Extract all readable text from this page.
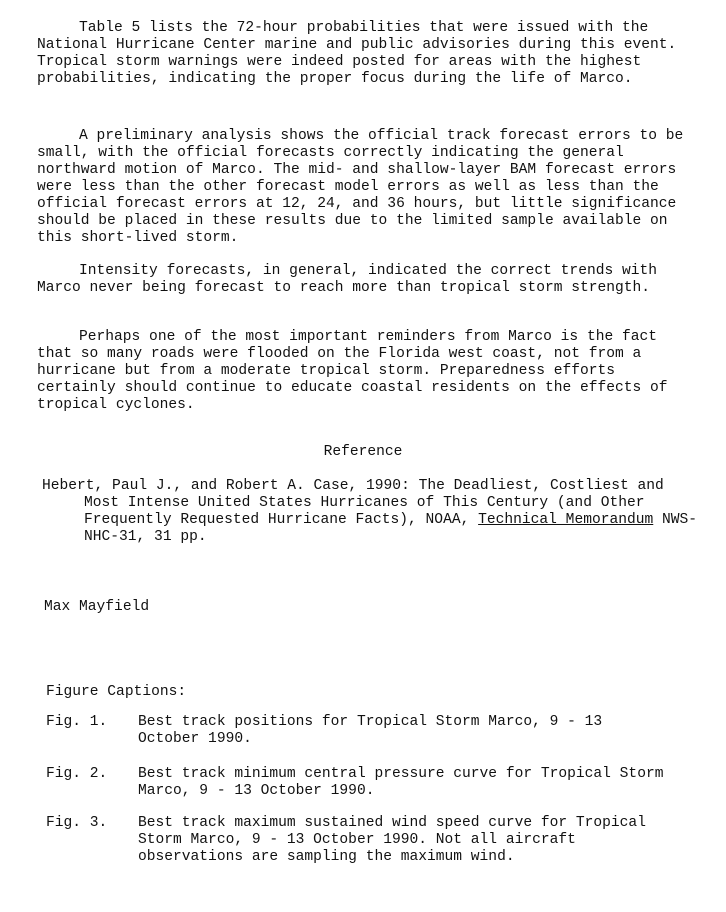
Table 5 lists the 72-hour probabilities that were issued with the National Hurricane Center marine and public advisories during this event. Tropical storm warnings were indeed posted for areas with the highest probabilities, indicating the proper focus during the life of Marco.

A preliminary analysis shows the official track forecast errors to be small, with the official forecasts correctly indicating the general northward motion of Marco. The mid- and shallow-layer BAM forecast errors were less than the other forecast model errors as well as less than the official forecast errors at 12, 24, and 36 hours, but little significance should be placed in these results due to the limited sample available on this short-lived storm.

Intensity forecasts, in general, indicated the correct trends with Marco never being forecast to reach more than tropical storm strength.

Perhaps one of the most important reminders from Marco is the fact that so many roads were flooded on the Florida west coast, not from a hurricane but from a moderate tropical storm. Preparedness efforts certainly should continue to educate coastal residents on the effects of tropical cyclones.

Reference

Hebert, Paul J., and Robert A. Case, 1990: The Deadliest, Costliest and Most Intense United States Hurricanes of This Century (and Other Frequently Requested Hurricane Facts), NOAA, Technical Memorandum NWS-NHC-31, 31 pp.

Max Mayfield

Figure Captions:

Fig. 1.	Best track positions for Tropical Storm Marco, 9 - 13 October 1990.
Fig. 2.	Best track minimum central pressure curve for Tropical Storm Marco, 9 - 13 October 1990.
Fig. 3.	Best track maximum sustained wind speed curve for Tropical Storm Marco, 9 - 13 October 1990. Not all aircraft observations are sampling the maximum wind.
